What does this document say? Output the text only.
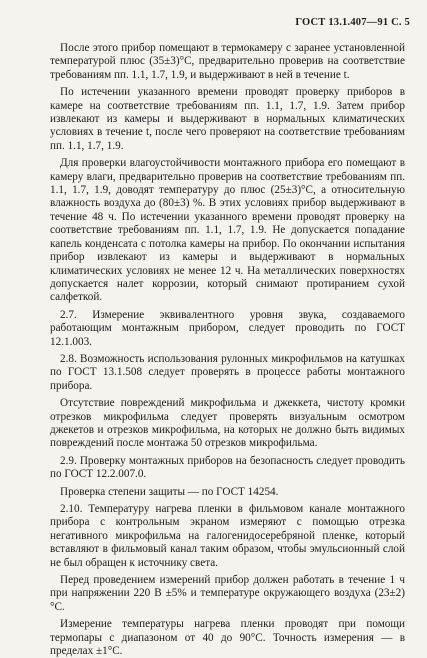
ГОСТ 13.1.407—91 С. 5

После этого прибор помещают в термокамеру с заранее установленной температурой плюс (35±3)°С, предварительно проверив на соответствие требованиям пп. 1.1, 1.7, 1.9, и выдерживают в ней в течение t.

По истечении указанного времени проводят проверку приборов в камере на соответствие требованиям пп. 1.1, 1.7, 1.9. Затем прибор извлекают из камеры и выдерживают в нормальных климатических условиях в течение t, после чего проверяют на соответствие требованиям пп. 1.1, 1.7, 1.9.

Для проверки влагоустойчивости монтажного прибора его помещают в камеру влаги, предварительно проверив на соответствие требованиям пп. 1.1, 1.7, 1.9, доводят температуру до плюс (25±3)°С, а относительную влажность воздуха до (80±3) %. В этих условиях прибор выдерживают в течение 48 ч. По истечении указанного времени проводят проверку на соответствие требованиям пп. 1.1, 1.7, 1.9. Не допускается попадание капель конденсата с потолка камеры на прибор. По окончании испытания прибор извлекают из камеры и выдерживают в нормальных климатических условиях не менее 12 ч. На металлических поверхностях допускается налет коррозии, который снимают протиранием сухой салфеткой.

2.7. Измерение эквивалентного уровня звука, создаваемого работающим монтажным прибором, следует проводить по ГОСТ 12.1.003.

2.8. Возможность использования рулонных микрофильмов на катушках по ГОСТ 13.1.508 следует проверять в процессе работы монтажного прибора.

Отсутствие повреждений микрофильма и джеккета, чистоту кромки отрезков микрофильма следует проверять визуальным осмотром джекетов и отрезков микрофильма, на которых не должно быть видимых повреждений после монтажа 50 отрезков микрофильма.

2.9. Проверку монтажных приборов на безопасность следует проводить по ГОСТ 12.2.007.0.

Проверка степени защиты — по ГОСТ 14254.

2.10. Температуру нагрева пленки в фильмовом канале монтажного прибора с контрольным экраном измеряют с помощью отрезка негативного микрофильма на галогенидосеребряной пленке, который вставляют в фильмовый канал таким образом, чтобы эмульсионный слой не был обращен к источнику света.

Перед проведением измерений прибор должен работать в течение 1 ч при напряжении 220 В ±5% и температуре окружающего воздуха (23±2)°С.

Измерение температуры нагрева пленки проводят при помощи термопары с диапазоном от 40 до 90°С. Точность измерения — в пределах ±1°С.
